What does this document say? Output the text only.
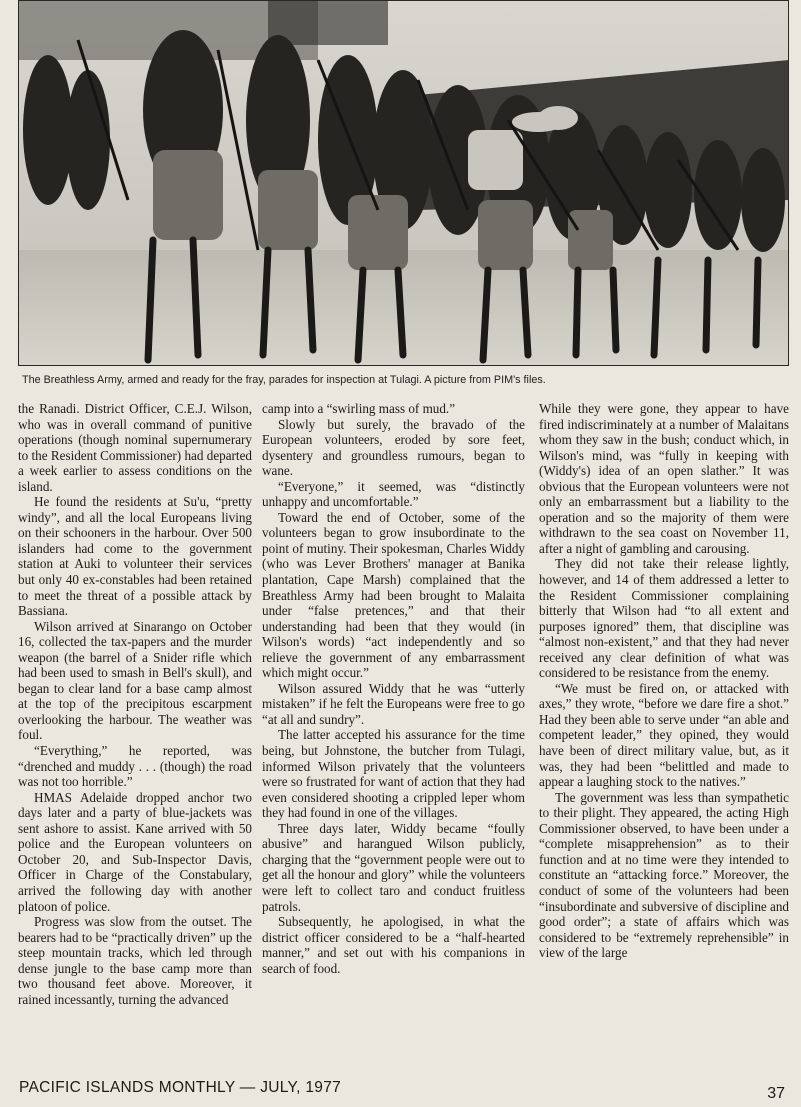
The Breathless Army, armed and ready for the fray, parades for inspection at Tulagi. A picture from PIM's files.

the Ranadi. District Officer, C.E.J. Wilson, who was in overall command of punitive operations (though nominal supernumerary to the Resident Commissioner) had departed a week earlier to assess conditions on the island.

He found the residents at Su'u, “pretty windy”, and all the local Europeans living on their schooners in the harbour. Over 500 islanders had come to the government station at Auki to volunteer their services but only 40 ex-constables had been retained to meet the threat of a possible attack by Bassiana.

Wilson arrived at Sinarango on October 16, collected the tax-papers and the murder weapon (the barrel of a Snider rifle which had been used to smash in Bell's skull), and began to clear land for a base camp almost at the top of the precipitous escarpment overlooking the harbour. The weather was foul.

“Everything,” he reported, was “drenched and muddy . . . (though) the road was not too horrible.”

HMAS Adelaide dropped anchor two days later and a party of blue-jackets was sent ashore to assist. Kane arrived with 50 police and the European volunteers on October 20, and Sub-Inspector Davis, Officer in Charge of the Constabulary, arrived the following day with another platoon of police.

Progress was slow from the outset. The bearers had to be “practically driven” up the steep mountain tracks, which led through dense jungle to the base camp more than two thousand feet above. Moreover, it rained incessantly, turning the advanced

camp into a “swirling mass of mud.”

Slowly but surely, the bravado of the European volunteers, eroded by sore feet, dysentery and groundless rumours, began to wane.

“Everyone,” it seemed, was “distinctly unhappy and uncomfortable.”

Toward the end of October, some of the volunteers began to grow insubordinate to the point of mutiny. Their spokesman, Charles Widdy (who was Lever Brothers' manager at Banika plantation, Cape Marsh) complained that the Breathless Army had been brought to Malaita under “false pretences,” and that their understanding had been that they would (in Wilson's words) “act independently and so relieve the government of any embarrassment which might occur.”

Wilson assured Widdy that he was “utterly mistaken” if he felt the Europeans were free to go “at all and sundry”.

The latter accepted his assurance for the time being, but Johnstone, the butcher from Tulagi, informed Wilson privately that the volunteers were so frustrated for want of action that they had even considered shooting a crippled leper whom they had found in one of the villages.

Three days later, Widdy became “foully abusive” and harangued Wilson publicly, charging that the “government people were out to get all the honour and glory” while the volunteers were left to collect taro and conduct fruitless patrols.

Subsequently, he apologised, in what the district officer considered to be a “half-hearted manner,” and set out with his companions in search of food.

While they were gone, they appear to have fired indiscriminately at a number of Malaitans whom they saw in the bush; conduct which, in Wilson's mind, was “fully in keeping with (Widdy's) idea of an open slather.” It was obvious that the European volunteers were not only an embarrassment but a liability to the operation and so the majority of them were withdrawn to the sea coast on November 11, after a night of gambling and carousing.

They did not take their release lightly, however, and 14 of them addressed a letter to the Resident Commissioner complaining bitterly that Wilson had “to all extent and purposes ignored” them, that discipline was “almost non-existent,” and that they had never received any clear definition of what was considered to be resistance from the enemy.

“We must be fired on, or attacked with axes,” they wrote, “before we dare fire a shot.” Had they been able to serve under “an able and competent leader,” they opined, they would have been of direct military value, but, as it was, they had been “belittled and made to appear a laughing stock to the natives.”

The government was less than sympathetic to their plight. They appeared, the acting High Commissioner observed, to have been under a “complete misapprehension” as to their function and at no time were they intended to constitute an “attacking force.” Moreover, the conduct of some of the volunteers had been “insubordinate and subversive of discipline and good order”; a state of affairs which was considered to be “extremely reprehensible” in view of the large

PACIFIC ISLANDS MONTHLY — JULY, 1977	37
